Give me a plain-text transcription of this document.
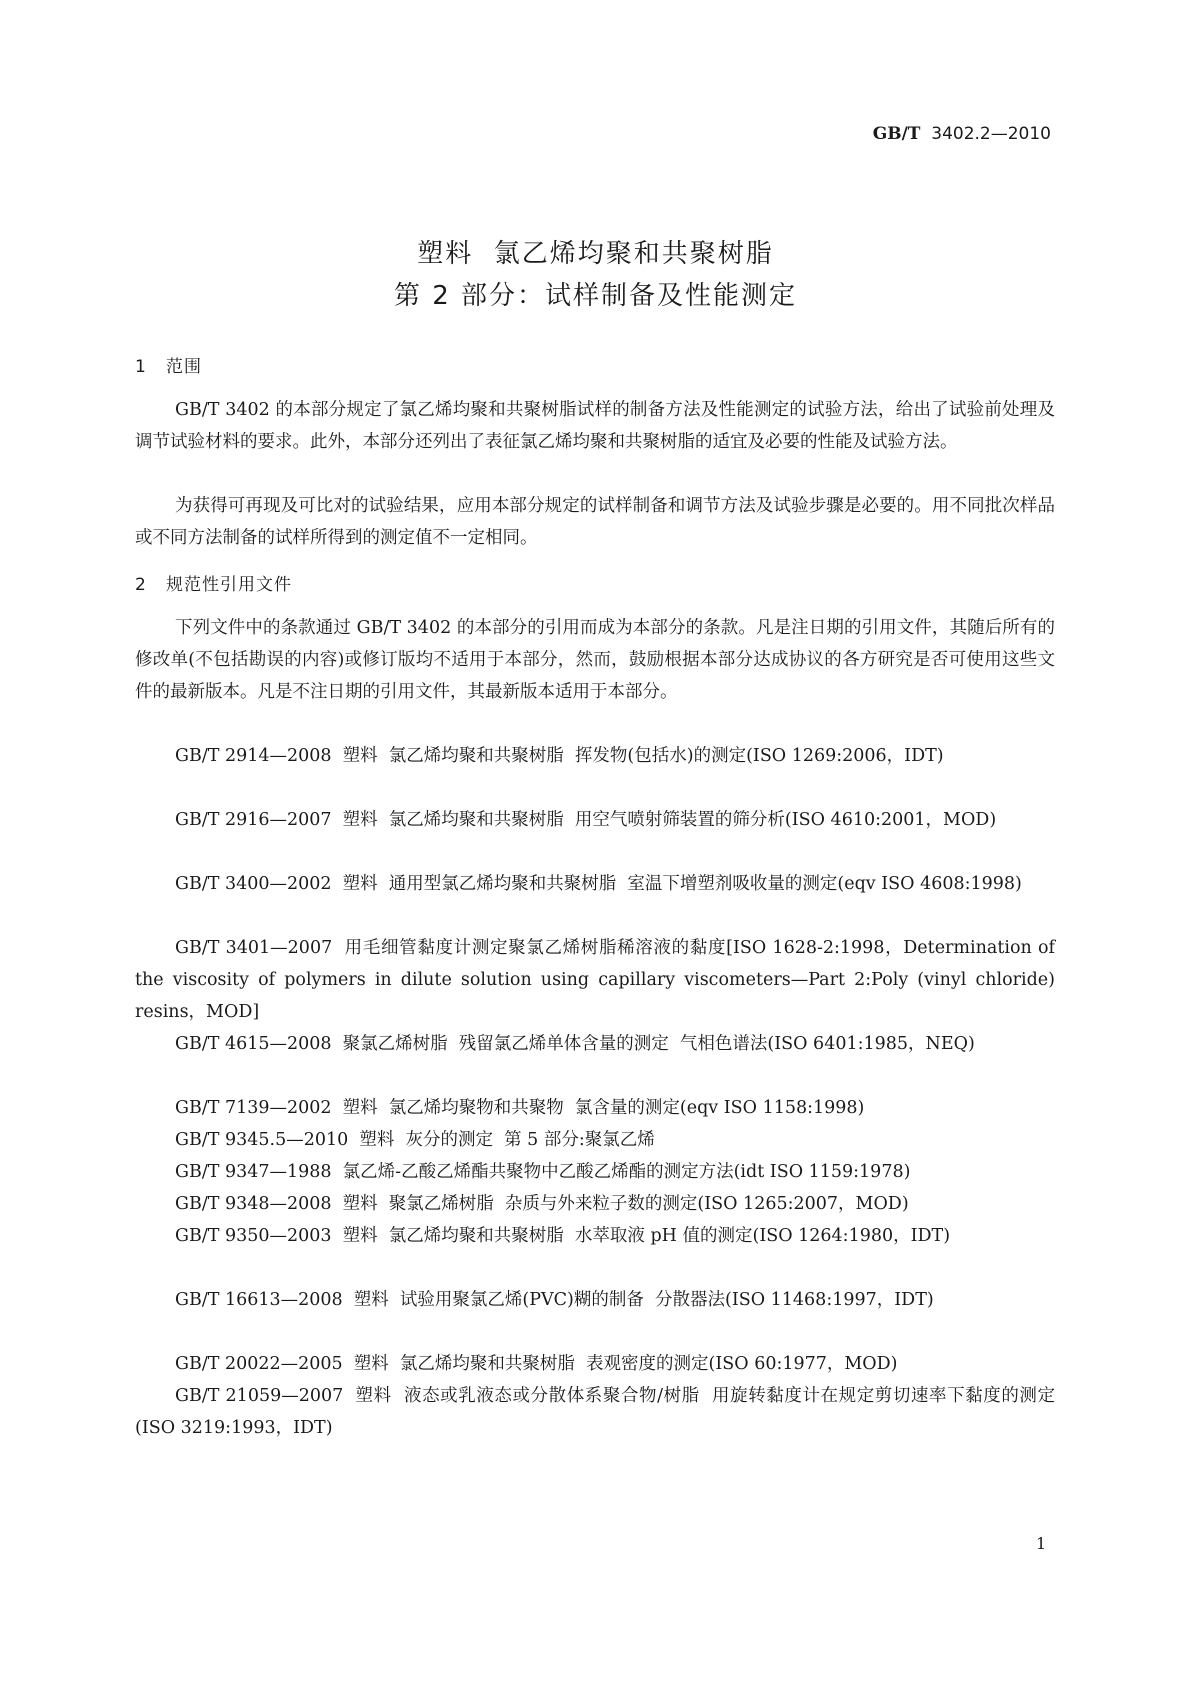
GB/T 3402.2—2010
塑料  氯乙烯均聚和共聚树脂
第 2 部分：试样制备及性能测定
1   范围

GB/T 3402 的本部分规定了氯乙烯均聚和共聚树脂试样的制备方法及性能测定的试验方法，给出了试验前处理及调节试验材料的要求。此外，本部分还列出了表征氯乙烯均聚和共聚树脂的适宜及必要的性能及试验方法。

为获得可再现及可比对的试验结果，应用本部分规定的试样制备和调节方法及试验步骤是必要的。用不同批次样品或不同方法制备的试样所得到的测定值不一定相同。

2   规范性引用文件

下列文件中的条款通过 GB/T 3402 的本部分的引用而成为本部分的条款。凡是注日期的引用文件，其随后所有的修改单(不包括勘误的内容)或修订版均不适用于本部分，然而，鼓励根据本部分达成协议的各方研究是否可使用这些文件的最新版本。凡是不注日期的引用文件，其最新版本适用于本部分。

GB/T 2914—2008  塑料  氯乙烯均聚和共聚树脂  挥发物(包括水)的测定(ISO 1269:2006，IDT)

GB/T 2916—2007  塑料  氯乙烯均聚和共聚树脂  用空气喷射筛装置的筛分析(ISO 4610:2001，MOD)

GB/T 3400—2002  塑料  通用型氯乙烯均聚和共聚树脂  室温下增塑剂吸收量的测定(eqv ISO 4608:1998)

GB/T 3401—2007  用毛细管黏度计测定聚氯乙烯树脂稀溶液的黏度[ISO 1628-2:1998，Determination of the viscosity of polymers in dilute solution using capillary viscometers—Part 2:Poly (vinyl chloride) resins，MOD]

GB/T 4615—2008  聚氯乙烯树脂  残留氯乙烯单体含量的测定  气相色谱法(ISO 6401:1985，NEQ)

GB/T 7139—2002  塑料  氯乙烯均聚物和共聚物  氯含量的测定(eqv ISO 1158:1998)

GB/T 9345.5—2010  塑料  灰分的测定  第 5 部分:聚氯乙烯

GB/T 9347—1988  氯乙烯-乙酸乙烯酯共聚物中乙酸乙烯酯的测定方法(idt ISO 1159:1978)

GB/T 9348—2008  塑料  聚氯乙烯树脂  杂质与外来粒子数的测定(ISO 1265:2007，MOD)

GB/T 9350—2003  塑料  氯乙烯均聚和共聚树脂  水萃取液 pH 值的测定(ISO 1264:1980，IDT)

GB/T 16613—2008  塑料  试验用聚氯乙烯(PVC)糊的制备  分散器法(ISO 11468:1997，IDT)

GB/T 20022—2005  塑料  氯乙烯均聚和共聚树脂  表观密度的测定(ISO 60:1977，MOD)

GB/T 21059—2007  塑料  液态或乳液态或分散体系聚合物/树脂  用旋转黏度计在规定剪切速率下黏度的测定(ISO 3219:1993，IDT)

1
